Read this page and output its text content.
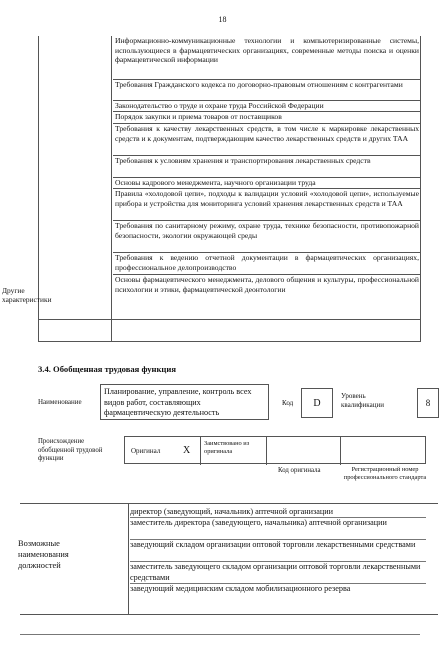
18
Информационно-коммуникационные технологии и компьютеризированные системы, использующиеся в фармацевтических организациях, современные методы поиска и оценки фармацевтической информации
Требования Гражданского кодекса по договорно-правовым отношениям с контрагентами
Законодательство о труде и охране труда Российской Федерации
Порядок закупки и приема товаров от поставщиков
Требования к качеству лекарственных средств, в том числе к маркировке лекарственных средств и к документам, подтверждающим качество лекарственных средств и других ТАА
Требования к условиям хранения и транспортирования лекарственных средств
Основы кадрового менеджмента, научного организации труда
Правила «холодовой цепи», подходы к валидации условий «холодовой цепи», используемые прибора и устройства для мониторинга условий хранения лекарственных средств и ТАА
Требования по санитарному режиму, охране труда, технике безопасности, противопожарной безопасности, экологии окружающей среды
Требования к ведению отчетной документации в фармацевтических организациях, профессиональное делопроизводство
Основы фармацевтического менеджмента, делового общения и культуры, профессиональной психологии и этики, фармацевтической деонтологии
Другие характеристики
3.4. Обобщенная трудовая функция
Наименование
Планирование, управление, контроль всех видов работ, составляющих фармацевтическую деятельность
Код	D
Уровень квалификации	8
Происхождение обобщенной трудовой функции
Оригинал X
Заимствовано из оригинала
Код оригинала	Регистрационный номер профессионального стандарта
Возможные наименования должностей
директор (заведующий, начальник) аптечной организации
заместитель директора (заведующего, начальника) аптечной организации
заведующий складом организации оптовой торговли лекарственными средствами
заместитель заведующего складом организации оптовой торговли лекарственными средствами
заведующий медицинским складом мобилизационного резерва
